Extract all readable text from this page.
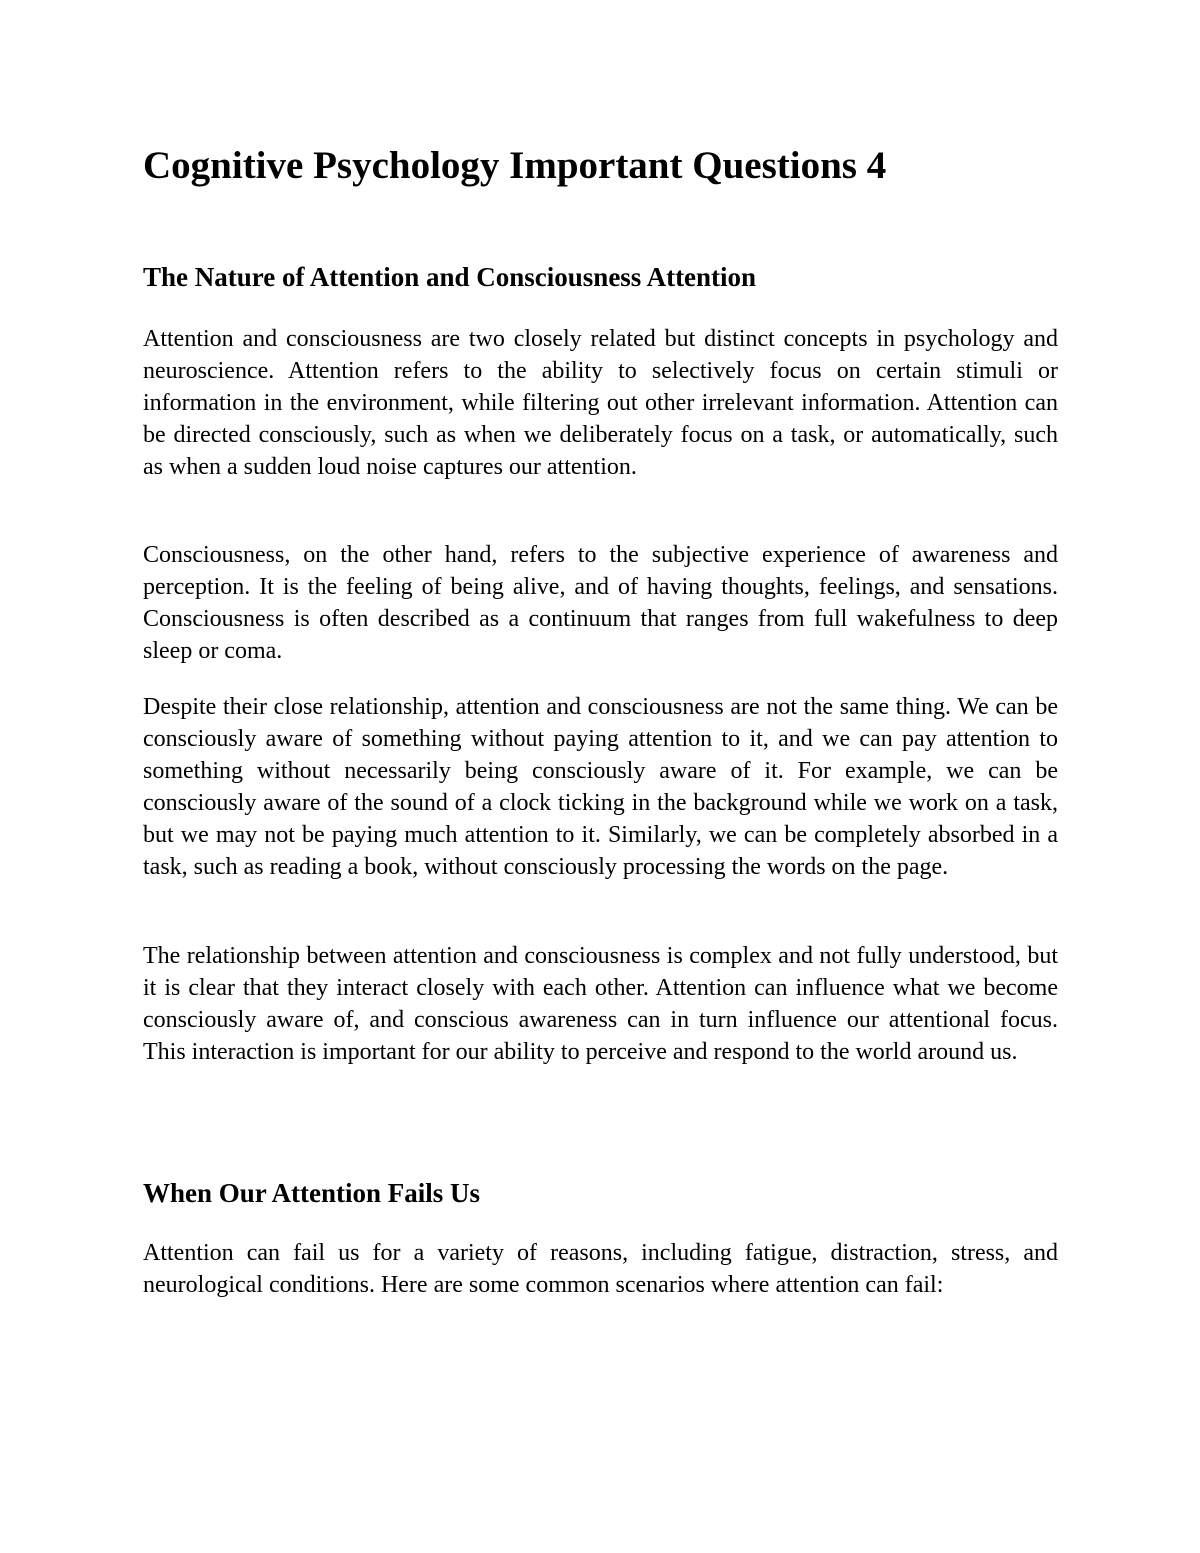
Cognitive Psychology Important Questions 4
The Nature of Attention and Consciousness Attention

Attention and consciousness are two closely related but distinct concepts in psychology and neuroscience. Attention refers to the ability to selectively focus on certain stimuli or information in the environment, while filtering out other irrelevant information. Attention can be directed consciously, such as when we deliberately focus on a task, or automatically, such as when a sudden loud noise captures our attention.

Consciousness, on the other hand, refers to the subjective experience of awareness and perception. It is the feeling of being alive, and of having thoughts, feelings, and sensations. Consciousness is often described as a continuum that ranges from full wakefulness to deep sleep or coma.

Despite their close relationship, attention and consciousness are not the same thing. We can be consciously aware of something without paying attention to it, and we can pay attention to something without necessarily being consciously aware of it. For example, we can be consciously aware of the sound of a clock ticking in the background while we work on a task, but we may not be paying much attention to it. Similarly, we can be completely absorbed in a task, such as reading a book, without consciously processing the words on the page.

The relationship between attention and consciousness is complex and not fully understood, but it is clear that they interact closely with each other. Attention can influence what we become consciously aware of, and conscious awareness can in turn influence our attentional focus. This interaction is important for our ability to perceive and respond to the world around us.

When Our Attention Fails Us

Attention can fail us for a variety of reasons, including fatigue, distraction, stress, and neurological conditions. Here are some common scenarios where attention can fail:
